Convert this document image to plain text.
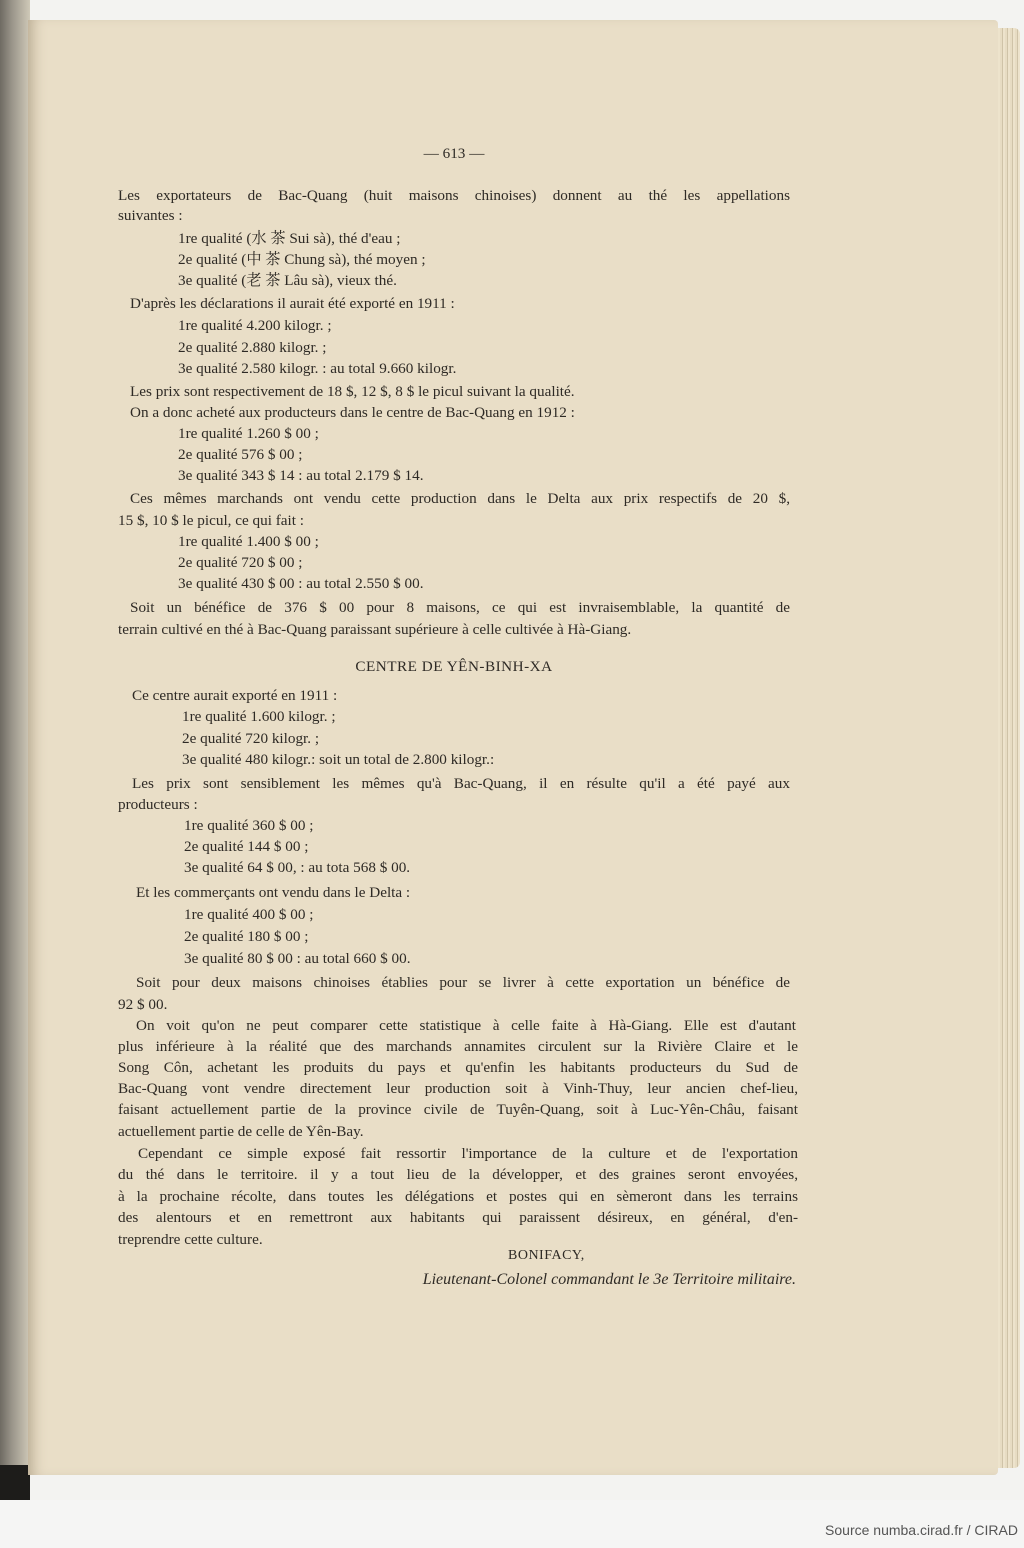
— 613 —
Les exportateurs de Bac-Quang (huit maisons chinoises) donnent au thé les appellations
suivantes :
1re qualité (水 茶 Sui sà), thé d'eau ;
2e qualité (中 茶 Chung sà), thé moyen ;
3e qualité (老 茶 Lâu sà), vieux thé.
D'après les déclarations il aurait été exporté en 1911 :
1re qualité 4.200 kilogr. ;
2e qualité 2.880 kilogr. ;
3e qualité 2.580 kilogr. : au total 9.660 kilogr.
Les prix sont respectivement de 18 $, 12 $, 8 $ le picul suivant la qualité.
On a donc acheté aux producteurs dans le centre de Bac-Quang en 1912 :
1re qualité 1.260 $ 00 ;
2e qualité 576 $ 00 ;
3e qualité 343 $ 14 : au total 2.179 $ 14.
Ces mêmes marchands ont vendu cette production dans le Delta aux prix respectifs de 20 $,
15 $, 10 $ le picul, ce qui fait :
1re qualité 1.400 $ 00 ;
2e qualité 720 $ 00 ;
3e qualité 430 $ 00 : au total 2.550 $ 00.
Soit un bénéfice de 376 $ 00 pour 8 maisons, ce qui est invraisemblable, la quantité de
terrain cultivé en thé à Bac-Quang paraissant supérieure à celle cultivée à Hà-Giang.
CENTRE DE YÊN-BINH-XA
Ce centre aurait exporté en 1911 :
1re qualité 1.600 kilogr. ;
2e qualité 720 kilogr. ;
3e qualité 480 kilogr.: soit un total de 2.800 kilogr.:
Les prix sont sensiblement les mêmes qu'à Bac-Quang, il en résulte qu'il a été payé aux
producteurs :
1re qualité 360 $ 00 ;
2e qualité 144 $ 00 ;
3e qualité 64 $ 00, : au tota 568 $ 00.
Et les commerçants ont vendu dans le Delta :
1re qualité 400 $ 00 ;
2e qualité 180 $ 00 ;
3e qualité 80 $ 00 : au total 660 $ 00.
Soit pour deux maisons chinoises établies pour se livrer à cette exportation un bénéfice de
92 $ 00.
On voit qu'on ne peut comparer cette statistique à celle faite à Hà-Giang. Elle est d'autant
plus inférieure à la réalité que des marchands annamites circulent sur la Rivière Claire et le
Song Côn, achetant les produits du pays et qu'enfin les habitants producteurs du Sud de
Bac-Quang vont vendre directement leur production soit à Vinh-Thuy, leur ancien chef-lieu,
faisant actuellement partie de la province civile de Tuyên-Quang, soit à Luc-Yên-Châu, faisant
actuellement partie de celle de Yên-Bay.
Cependant ce simple exposé fait ressortir l'importance de la culture et de l'exportation
du thé dans le territoire. il y a tout lieu de la développer, et des graines seront envoyées,
à la prochaine récolte, dans toutes les délégations et postes qui en sèmeront dans les terrains
des alentours et en remettront aux habitants qui paraissent désireux, en général, d'en-
treprendre cette culture.
BONIFACY,
Lieutenant-Colonel commandant le 3e Territoire militaire.
Source numba.cirad.fr / CIRAD
